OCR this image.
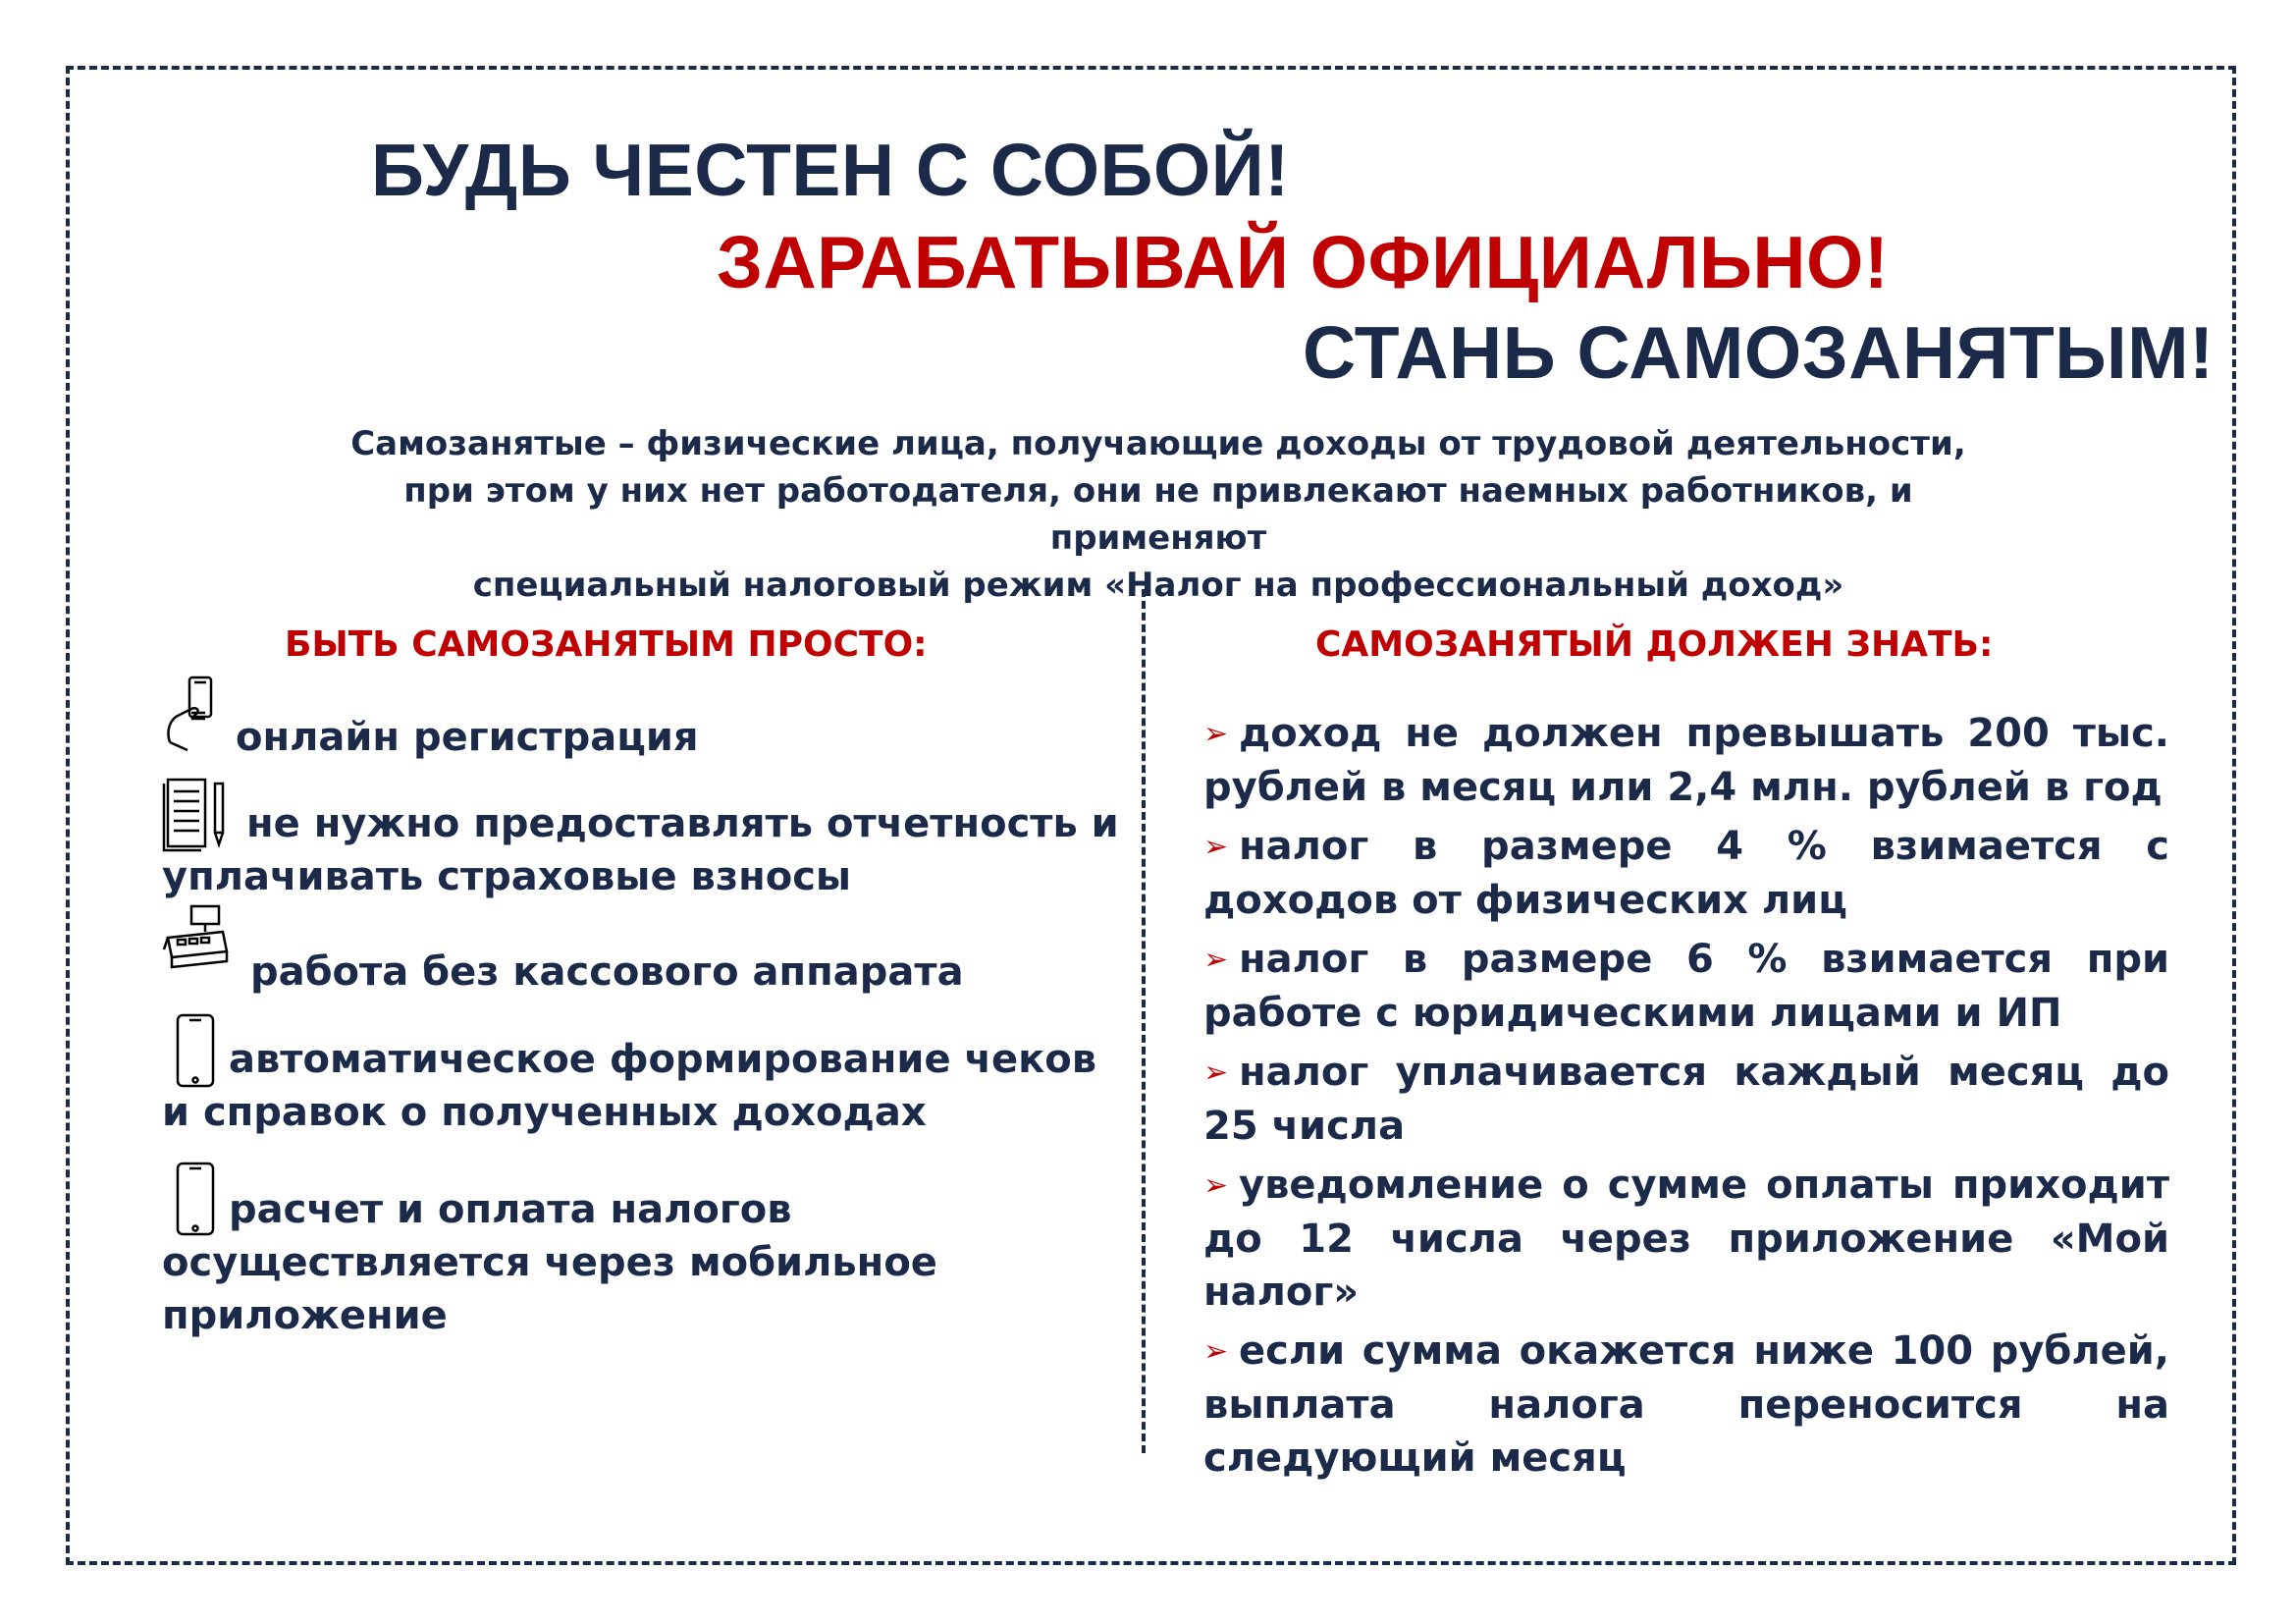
БУДЬ ЧЕСТЕН С СОБОЙ!
ЗАРАБАТЫВАЙ ОФИЦИАЛЬНО!
СТАНЬ САМОЗАНЯТЫМ!
Самозанятые – физические лица, получающие доходы от трудовой деятельности,
при этом у них нет работодателя, они не привлекают наемных работников, и применяют
специальный налоговый режим «Налог на профессиональный доход»
БЫТЬ САМОЗАНЯТЫМ ПРОСТО:	САМОЗАНЯТЫЙ ДОЛЖЕН ЗНАТЬ:
онлайн регистрация
не нужно предоставлять отчетность и уплачивать страховые взносы
работа без кассового аппарата
автоматическое формирование чеков и справок о полученных доходах
расчет и оплата налогов осуществляется через мобильное приложение
➢ доход не должен превышать 200 тыс. рублей в месяц или 2,4 млн. рублей в год
➢ налог в размере 4 % взимается с доходов от физических лиц
➢ налог в размере 6 % взимается при работе с юридическими лицами и ИП
➢ налог уплачивается каждый месяц до 25 числа
➢ уведомление о сумме оплаты приходит до 12 числа через приложение «Мой налог»
➢ если сумма окажется ниже 100 рублей, выплата налога переносится на следующий месяц
